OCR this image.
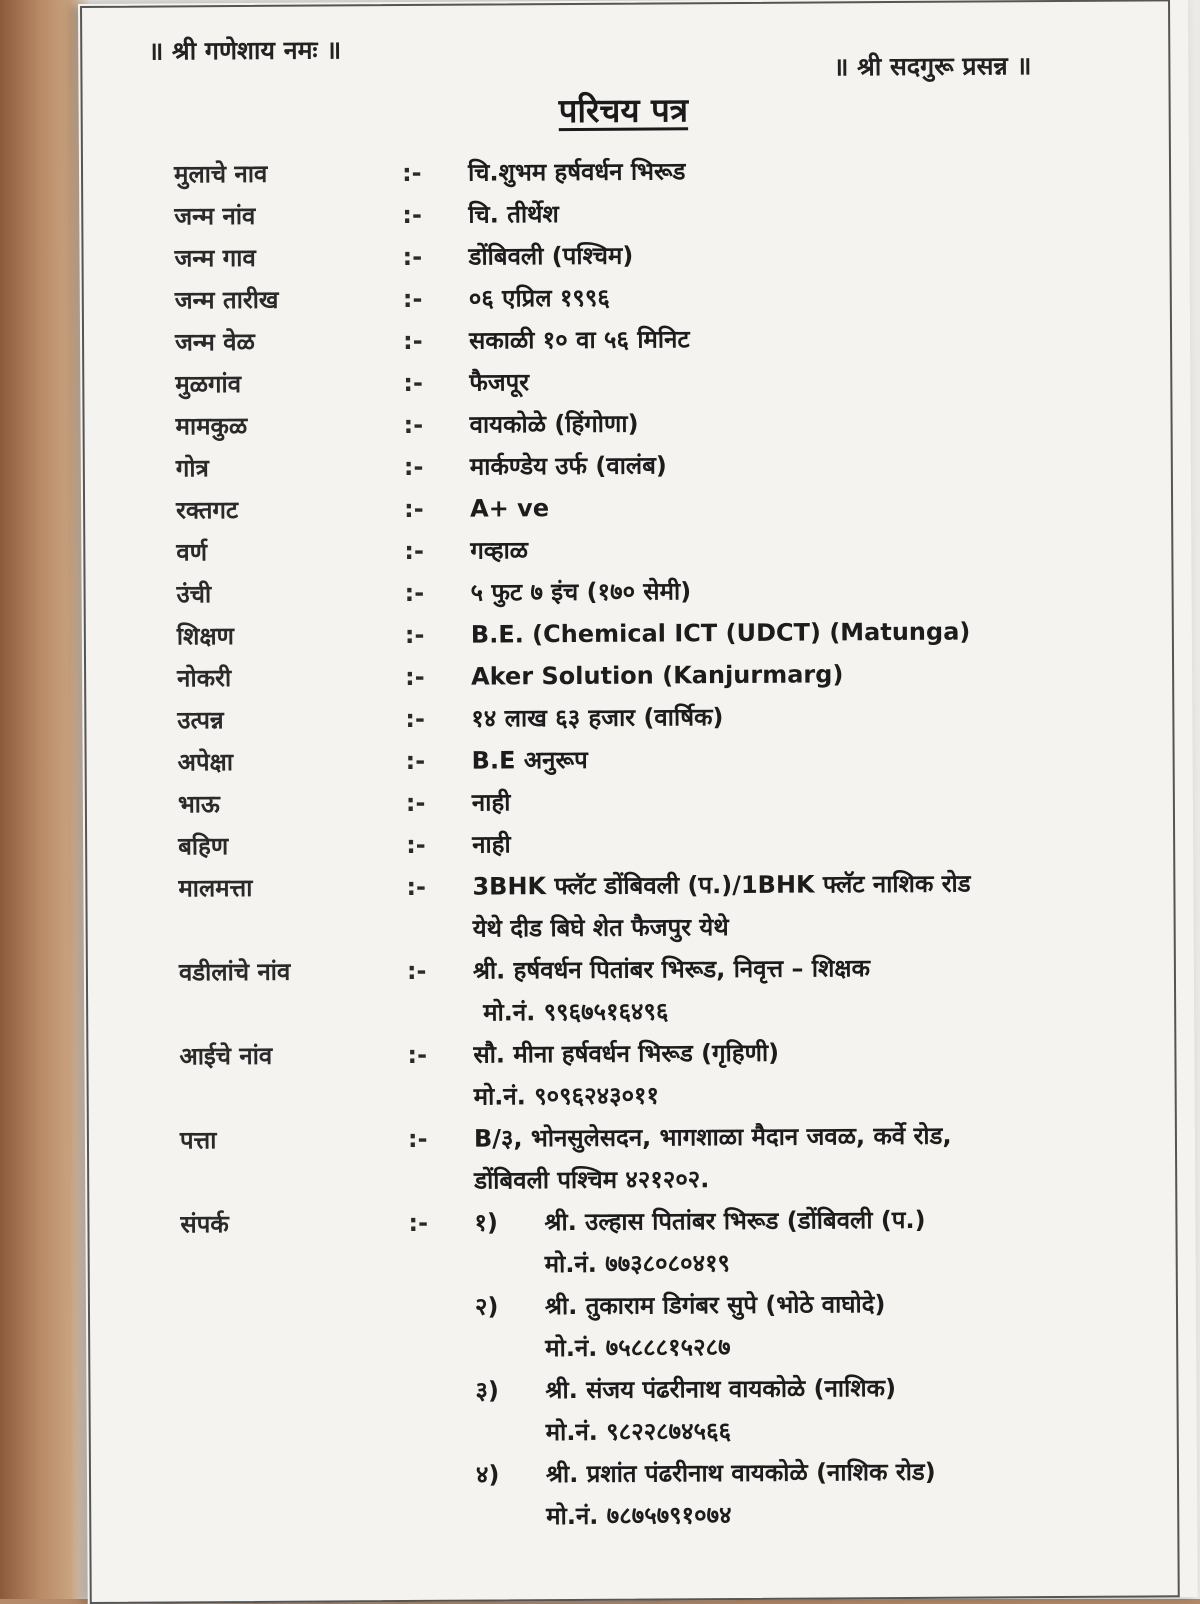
॥ श्री गणेशाय नमः ॥
॥ श्री सदगुरू प्रसन्न ॥
परिचय पत्र
मुलाचे नाव	:-	चि.शुभम हर्षवर्धन भिरूड
जन्म नांव	:-	चि. तीर्थेश
जन्म गाव	:-	डोंबिवली (पश्चिम)
जन्म तारीख	:-	०६ एप्रिल १९९६
जन्म वेळ	:-	सकाळी १० वा ५६ मिनिट
मुळगांव	:-	फैजपूर
मामकुळ	:-	वायकोळे (हिंगोणा)
गोत्र	:-	मार्कण्डेय उर्फ (वालंब)
रक्तगट	:-	A+ ve
वर्ण	:-	गव्हाळ
उंची	:-	५ फुट ७ इंच (१७० सेमी)
शिक्षण	:-	B.E. (Chemical ICT (UDCT) (Matunga)
नोकरी	:-	Aker Solution (Kanjurmarg)
उत्पन्न	:-	१४ लाख ६३ हजार (वार्षिक)
अपेक्षा	:-	B.E अनुरूप
भाऊ	:-	नाही
बहिण	:-	नाही
मालमत्ता	:-	3BHK फ्लॅट डोंबिवली (प.)/1BHK फ्लॅट नाशिक रोड
येथे दीड बिघे शेत फैजपुर येथे
वडीलांचे नांव	:-	श्री. हर्षवर्धन पितांबर भिरूड, निवृत्त – शिक्षक
मो.नं. ९९६७५१६४९६
आईचे नांव	:-	सौ. मीना हर्षवर्धन भिरूड (गृहिणी)
मो.नं. ९०९६२४३०११
पत्ता	:-	B/३, भोनसुलेसदन, भागशाळा मैदान जवळ, कर्वे रोड,
डोंबिवली पश्चिम ४२१२०२.
संपर्क	:-	१)	श्री. उल्हास पितांबर भिरूड (डोंबिवली (प.)
मो.नं. ७७३८०८०४१९
२)	श्री. तुकाराम डिगंबर सुपे (भोठे वाघोदे)
मो.नं. ७५८८८१५२८७
३)	श्री. संजय पंढरीनाथ वायकोळे (नाशिक)
मो.नं. ९८२२८७४५६६
४)	श्री. प्रशांत पंढरीनाथ वायकोळे (नाशिक रोड)
मो.नं. ७८७५७९१०७४
